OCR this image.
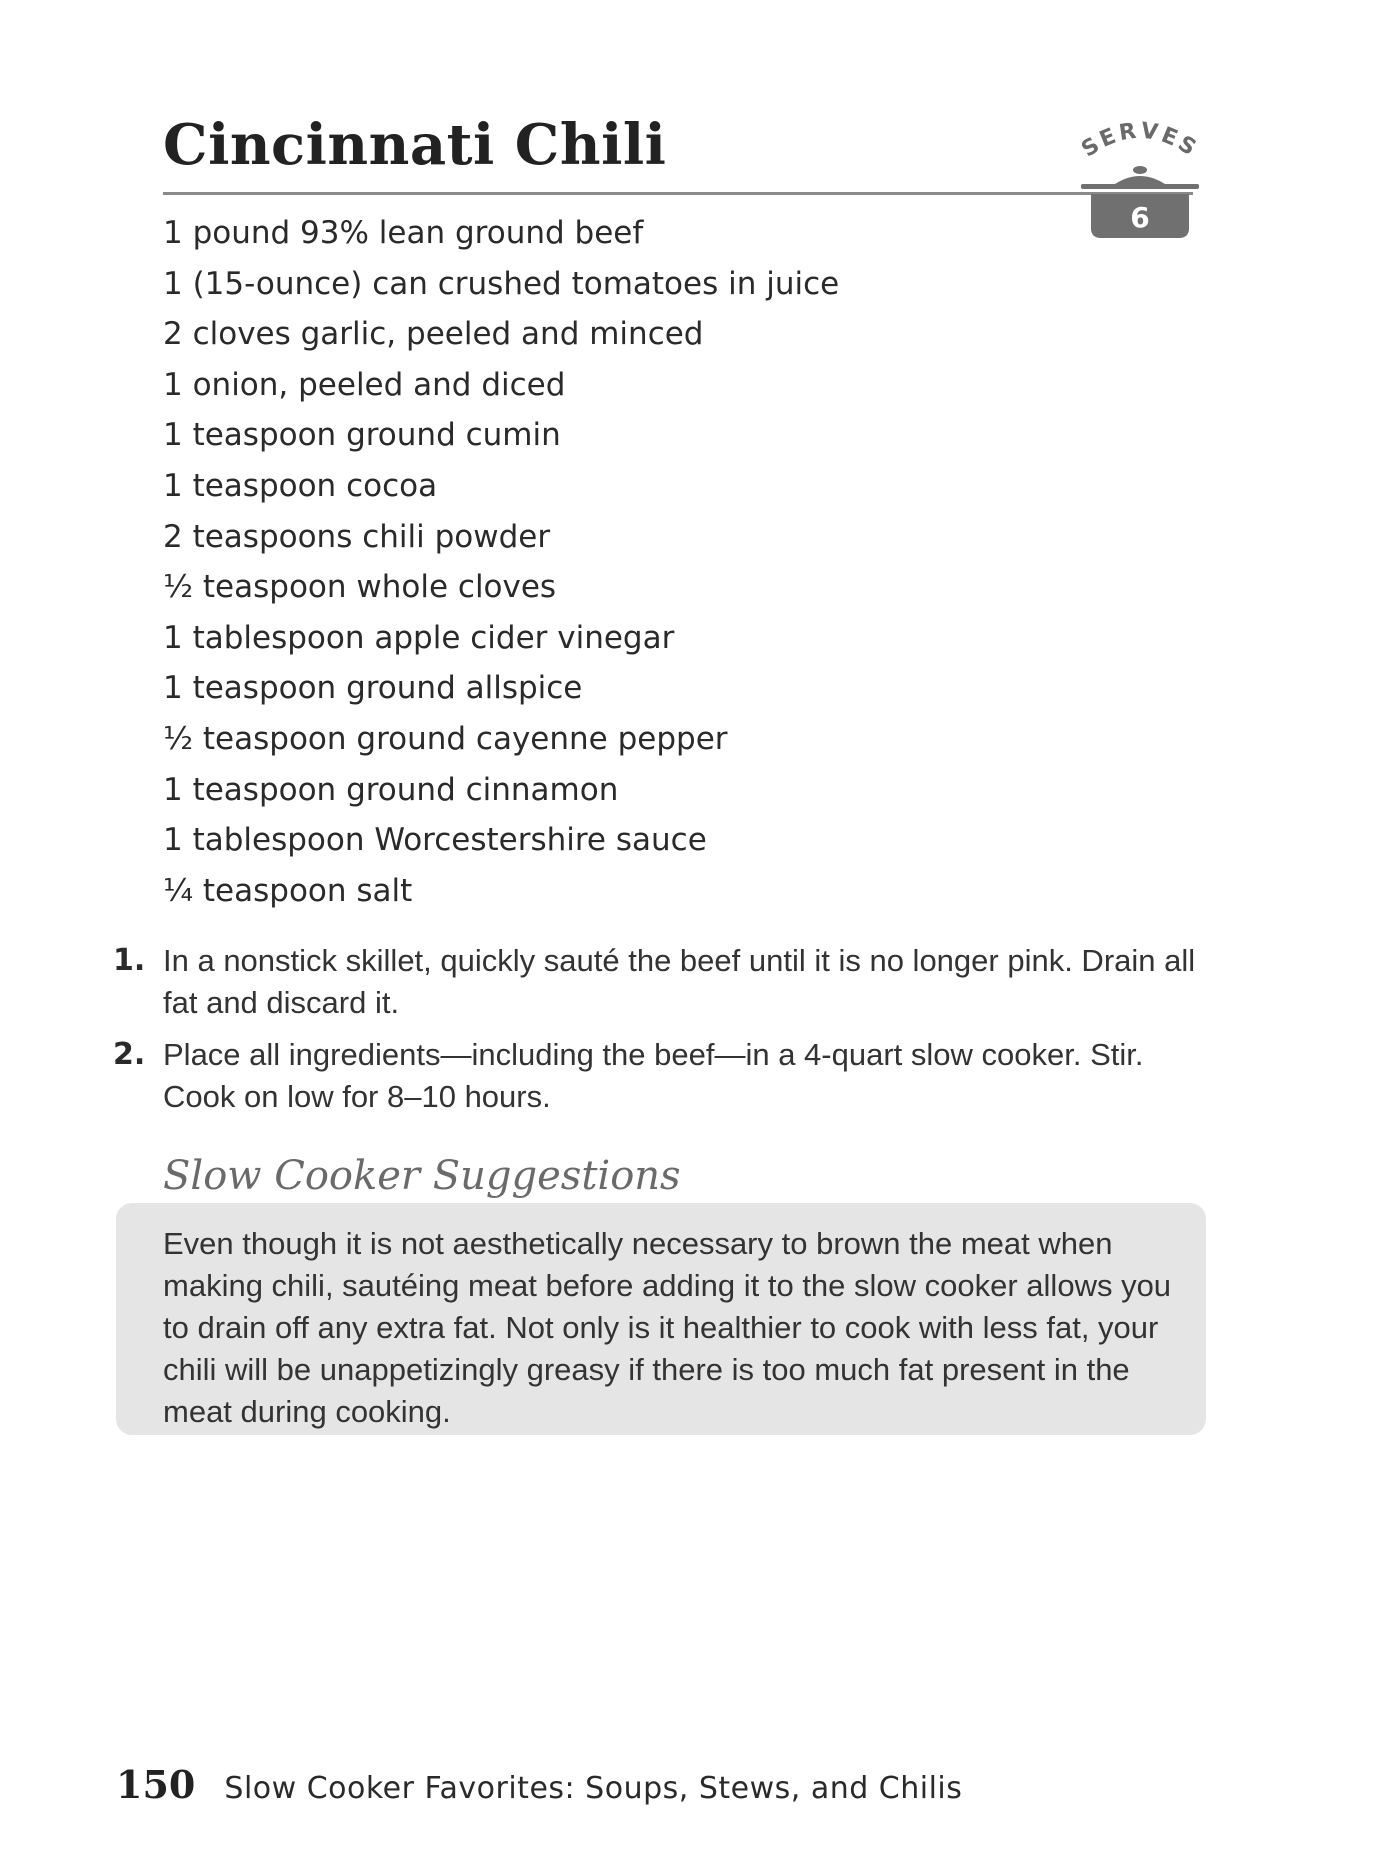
Cincinnati Chili	SERVES
6
1 pound 93% lean ground beef
1 (15-ounce) can crushed tomatoes in juice
2 cloves garlic, peeled and minced
1 onion, peeled and diced
1 teaspoon ground cumin
1 teaspoon cocoa
2 teaspoons chili powder
½ teaspoon whole cloves
1 tablespoon apple cider vinegar
1 teaspoon ground allspice
½ teaspoon ground cayenne pepper
1 teaspoon ground cinnamon
1 tablespoon Worcestershire sauce
¼ teaspoon salt
1. In a nonstick skillet, quickly sauté the beef until it is no longer pink. Drain all fat and discard it.
2. Place all ingredients—including the beef—in a 4-quart slow cooker. Stir. Cook on low for 8–10 hours.
Slow Cooker Suggestions
Even though it is not aesthetically necessary to brown the meat when making chili, sautéing meat before adding it to the slow cooker allows you to drain off any extra fat. Not only is it healthier to cook with less fat, your chili will be unappetizingly greasy if there is too much fat present in the meat during cooking.
150 Slow Cooker Favorites: Soups, Stews, and Chilis
